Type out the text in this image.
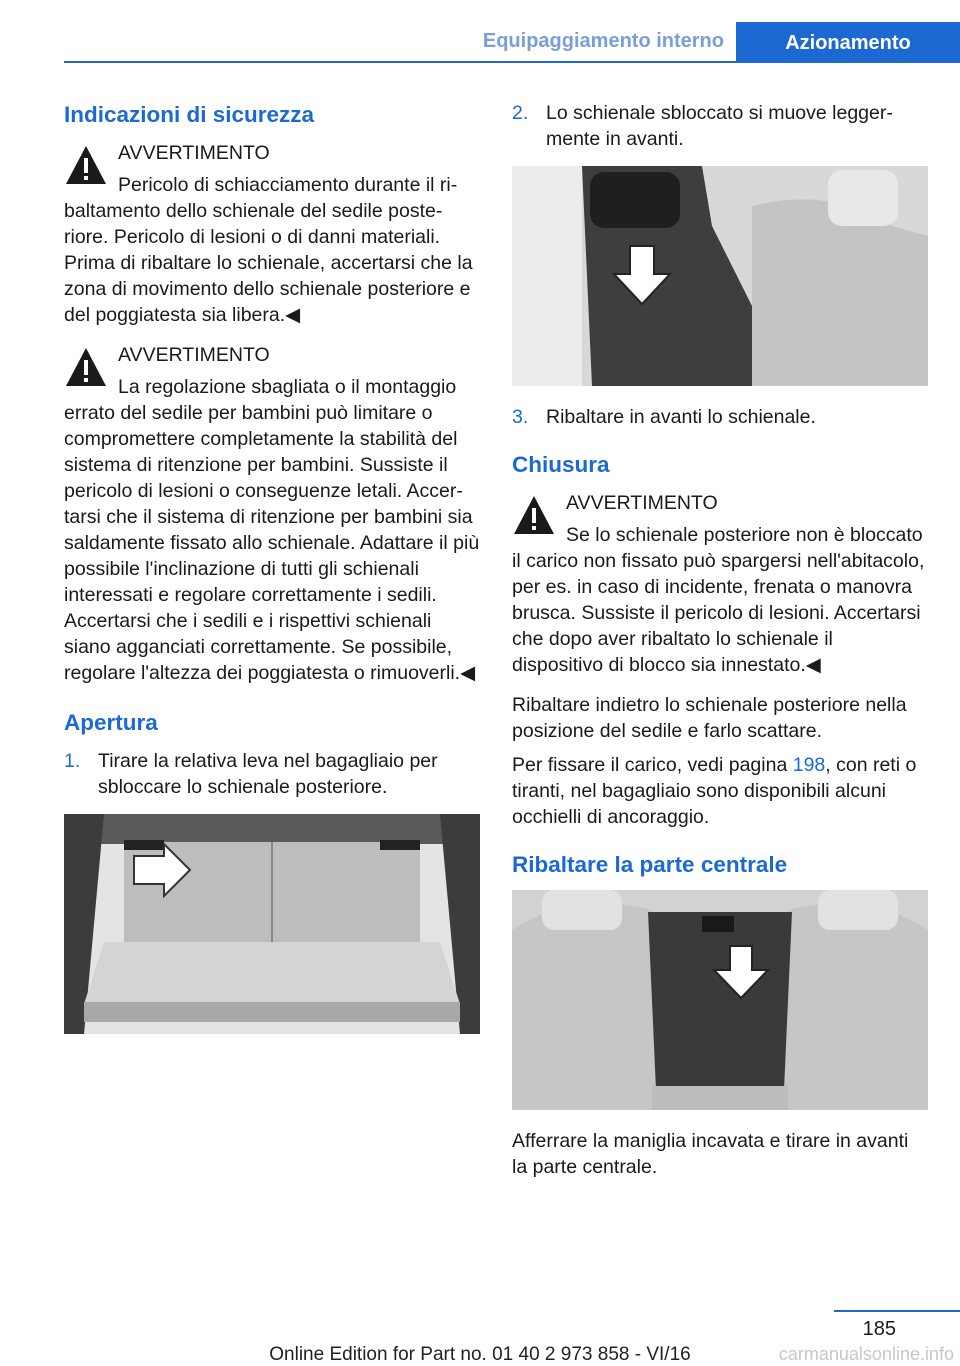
Equipaggiamento interno	Azionamento
Indicazioni di sicurezza
AVVERTIMENTO
Pericolo di schiacciamento durante il ribaltamento dello schienale del sedile posteriore. Pericolo di lesioni o di danni materiali. Prima di ribaltare lo schienale, accertarsi che la zona di movimento dello schienale posteriore e del poggiatesta sia libera.◀
AVVERTIMENTO
La regolazione sbagliata o il montaggio errato del sedile per bambini può limitare o compromettere completamente la stabilità del sistema di ritenzione per bambini. Sussiste il pericolo di lesioni o conseguenze letali. Accertarsi che il sistema di ritenzione per bambini sia saldamente fissato allo schienale. Adattare il più possibile l'inclinazione di tutti gli schienali interessati e regolare correttamente i sedili. Accertarsi che i sedili e i rispettivi schienali siano agganciati correttamente. Se possibile, regolare l'altezza dei poggiatesta o rimuoverli.◀
Apertura
1. Tirare la relativa leva nel bagagliaio per sbloccare lo schienale posteriore.
2. Lo schienale sbloccato si muove leggermente in avanti.
3. Ribaltare in avanti lo schienale.
Chiusura
AVVERTIMENTO
Se lo schienale posteriore non è bloccato il carico non fissato può spargersi nell'abitacolo, per es. in caso di incidente, frenata o manovra brusca. Sussiste il pericolo di lesioni. Accertarsi che dopo aver ribaltato lo schienale il dispositivo di blocco sia innestato.◀

Ribaltare indietro lo schienale posteriore nella posizione del sedile e farlo scattare.

Per fissare il carico, vedi pagina 198, con reti o tiranti, nel bagagliaio sono disponibili alcuni occhielli di ancoraggio.

Ribaltare la parte centrale

Afferrare la maniglia incavata e tirare in avanti la parte centrale.

185
Online Edition for Part no. 01 40 2 973 858 - VI/16	carmanualsonline.info
